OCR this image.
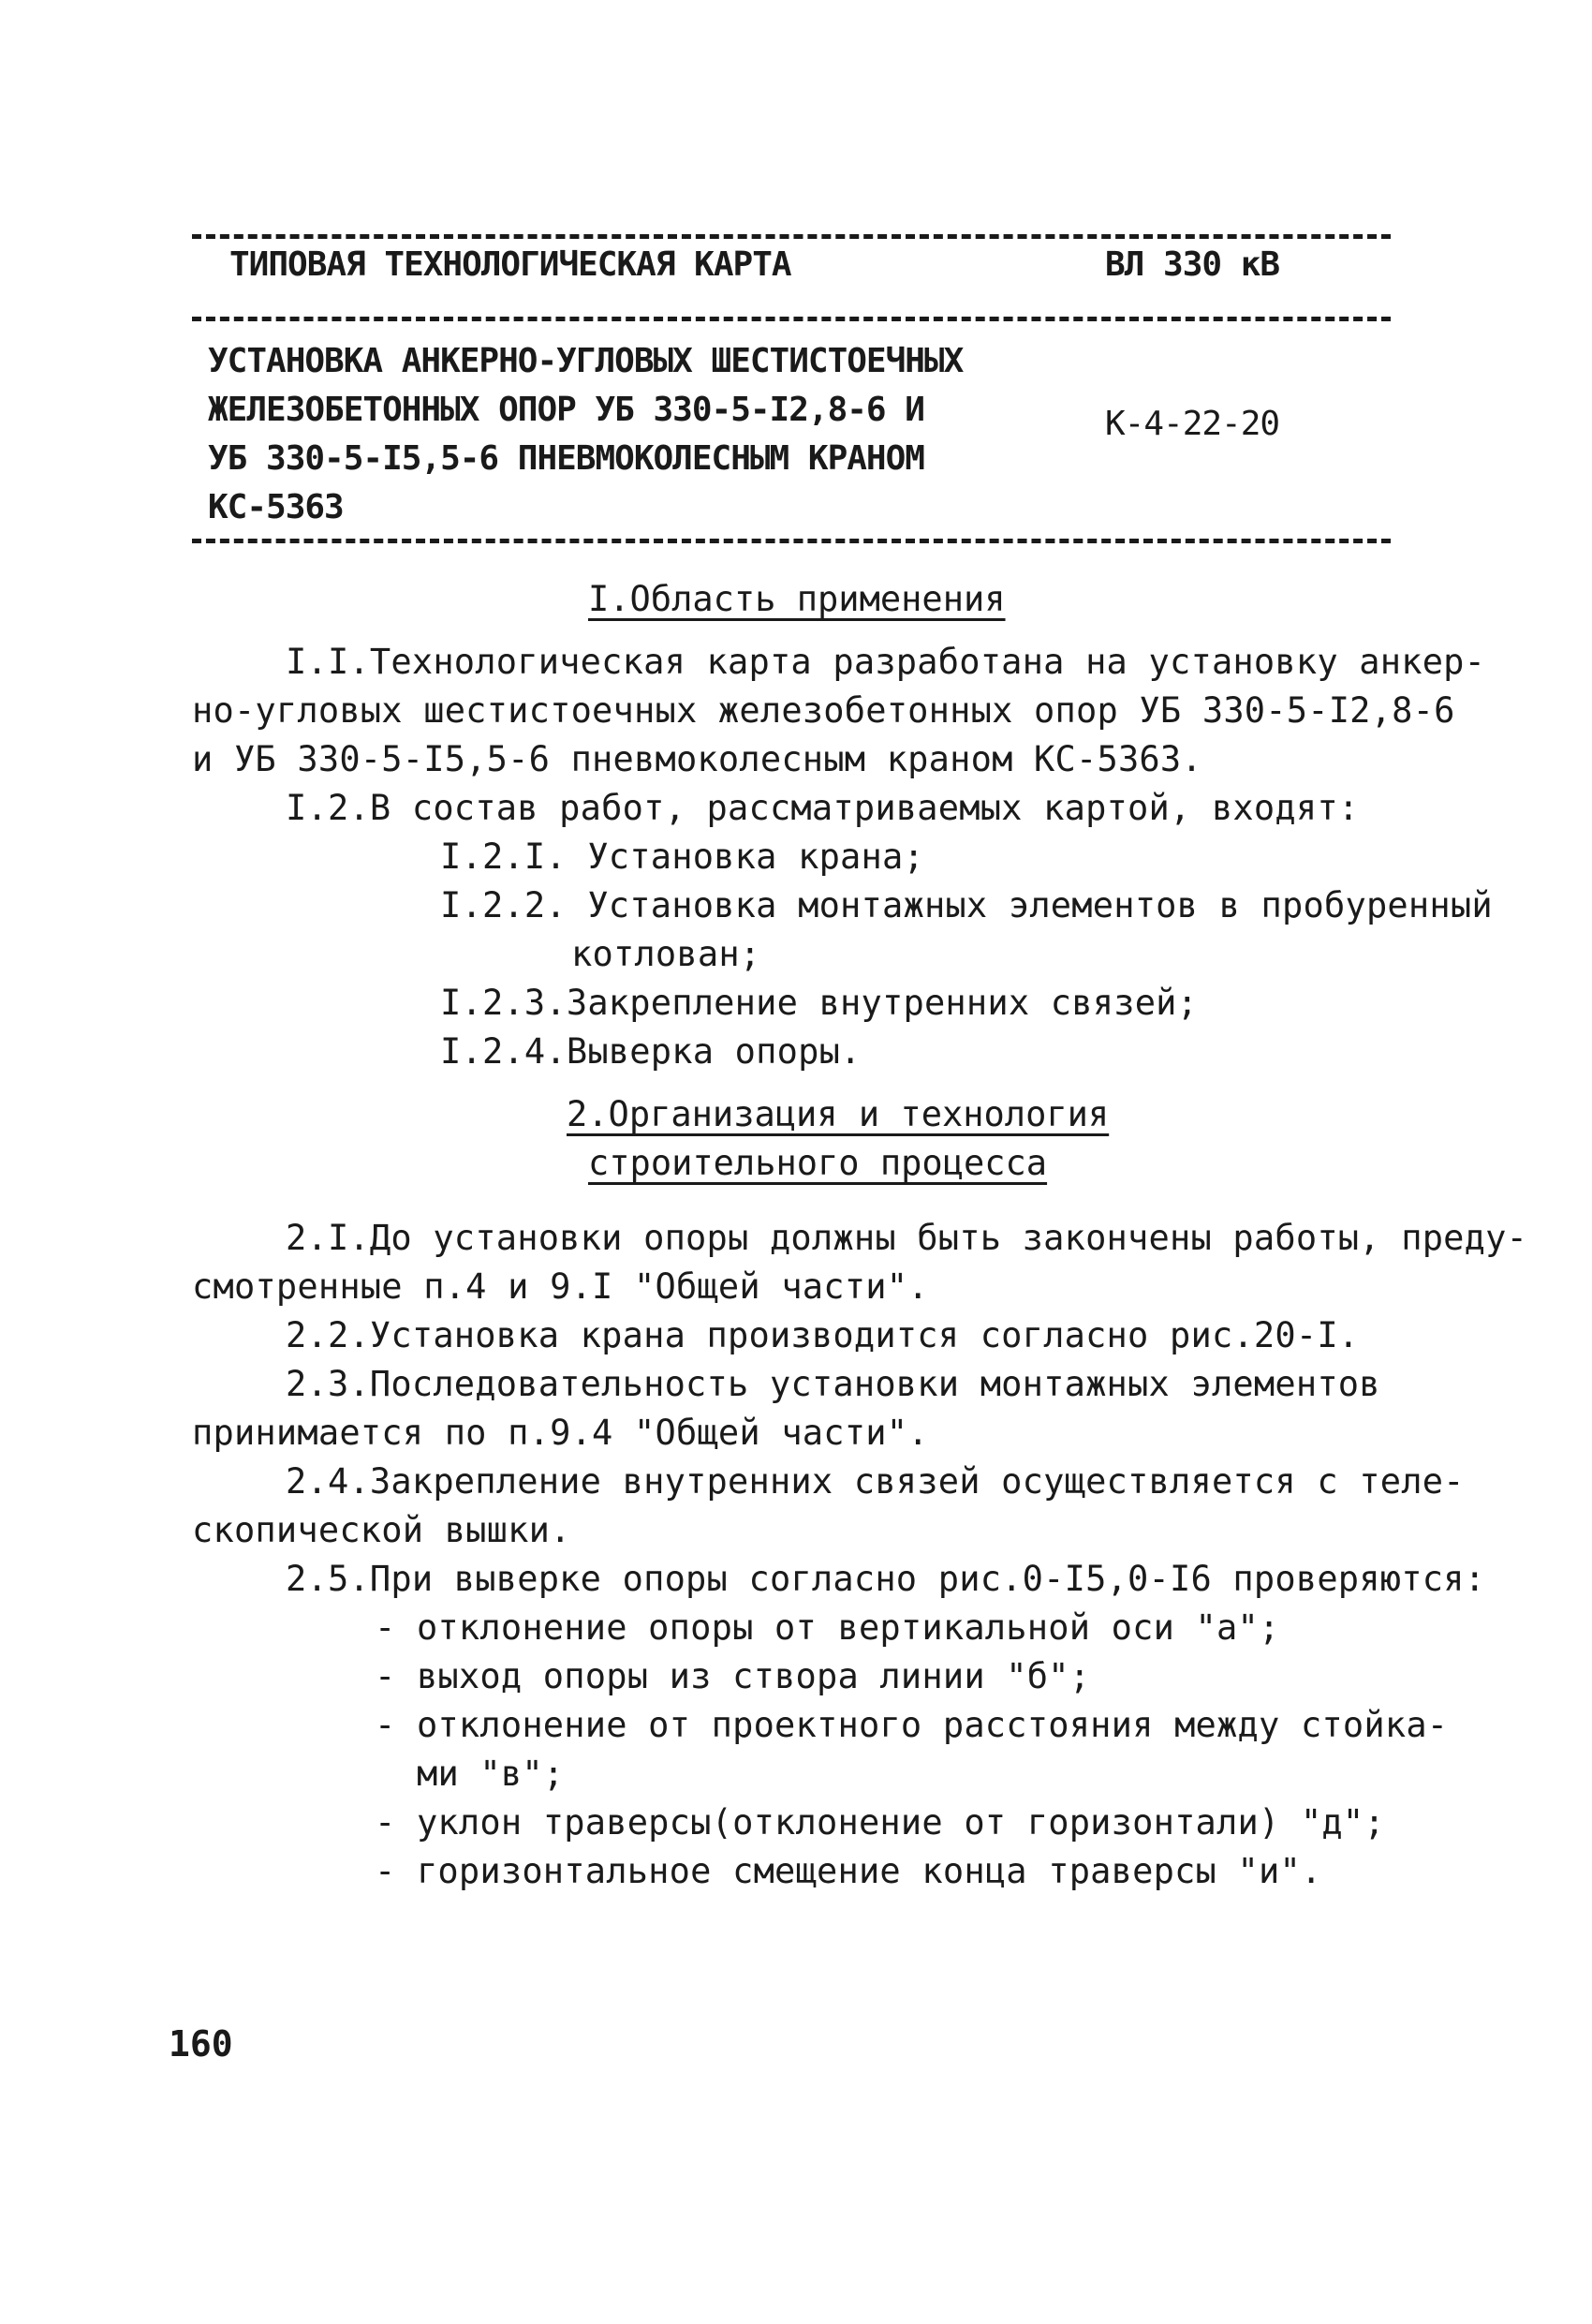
ТИПОВАЯ ТЕХНОЛОГИЧЕСКАЯ КАРТА	ВЛ 330 кВ
УСТАНОВКА АНКЕРНО-УГЛОВЫХ ШЕСТИСТОЕЧНЫХ
ЖЕЛЕЗОБЕТОННЫХ ОПОР УБ 330-5-I2,8-6 И
УБ 330-5-I5,5-6 ПНЕВМОКОЛЕСНЫМ КРАНОМ
КС-5363
К-4-22-20
I.Область применения
I.I.Технологическая карта разработана на установку анкер-
но-угловых шестистоечных железобетонных опор УБ 330-5-I2,8-6
и УБ 330-5-I5,5-6 пневмоколесным краном КС-5363.
I.2.В состав работ, рассматриваемых картой, входят:
I.2.I. Установка крана;
I.2.2. Установка монтажных элементов в пробуренный
котлован;
I.2.3.Закрепление внутренних связей;
I.2.4.Выверка опоры.
2.Организация и технология
строительного процесса
2.I.До установки опоры должны быть закончены работы, преду-
смотренные п.4 и 9.I "Общей части".
2.2.Установка крана производится согласно рис.20-I.
2.3.Последовательность установки монтажных элементов
принимается по п.9.4 "Общей части".
2.4.Закрепление внутренних связей осуществляется с теле-
скопической вышки.
2.5.При выверке опоры согласно рис.0-I5,0-I6 проверяются:
- отклонение опоры от вертикальной оси "а";
- выход опоры из створа линии "б";
- отклонение от проектного расстояния между стойка-
ми "в";
- уклон траверсы(отклонение от горизонтали) "д";
- горизонтальное смещение конца траверсы "и".
160
